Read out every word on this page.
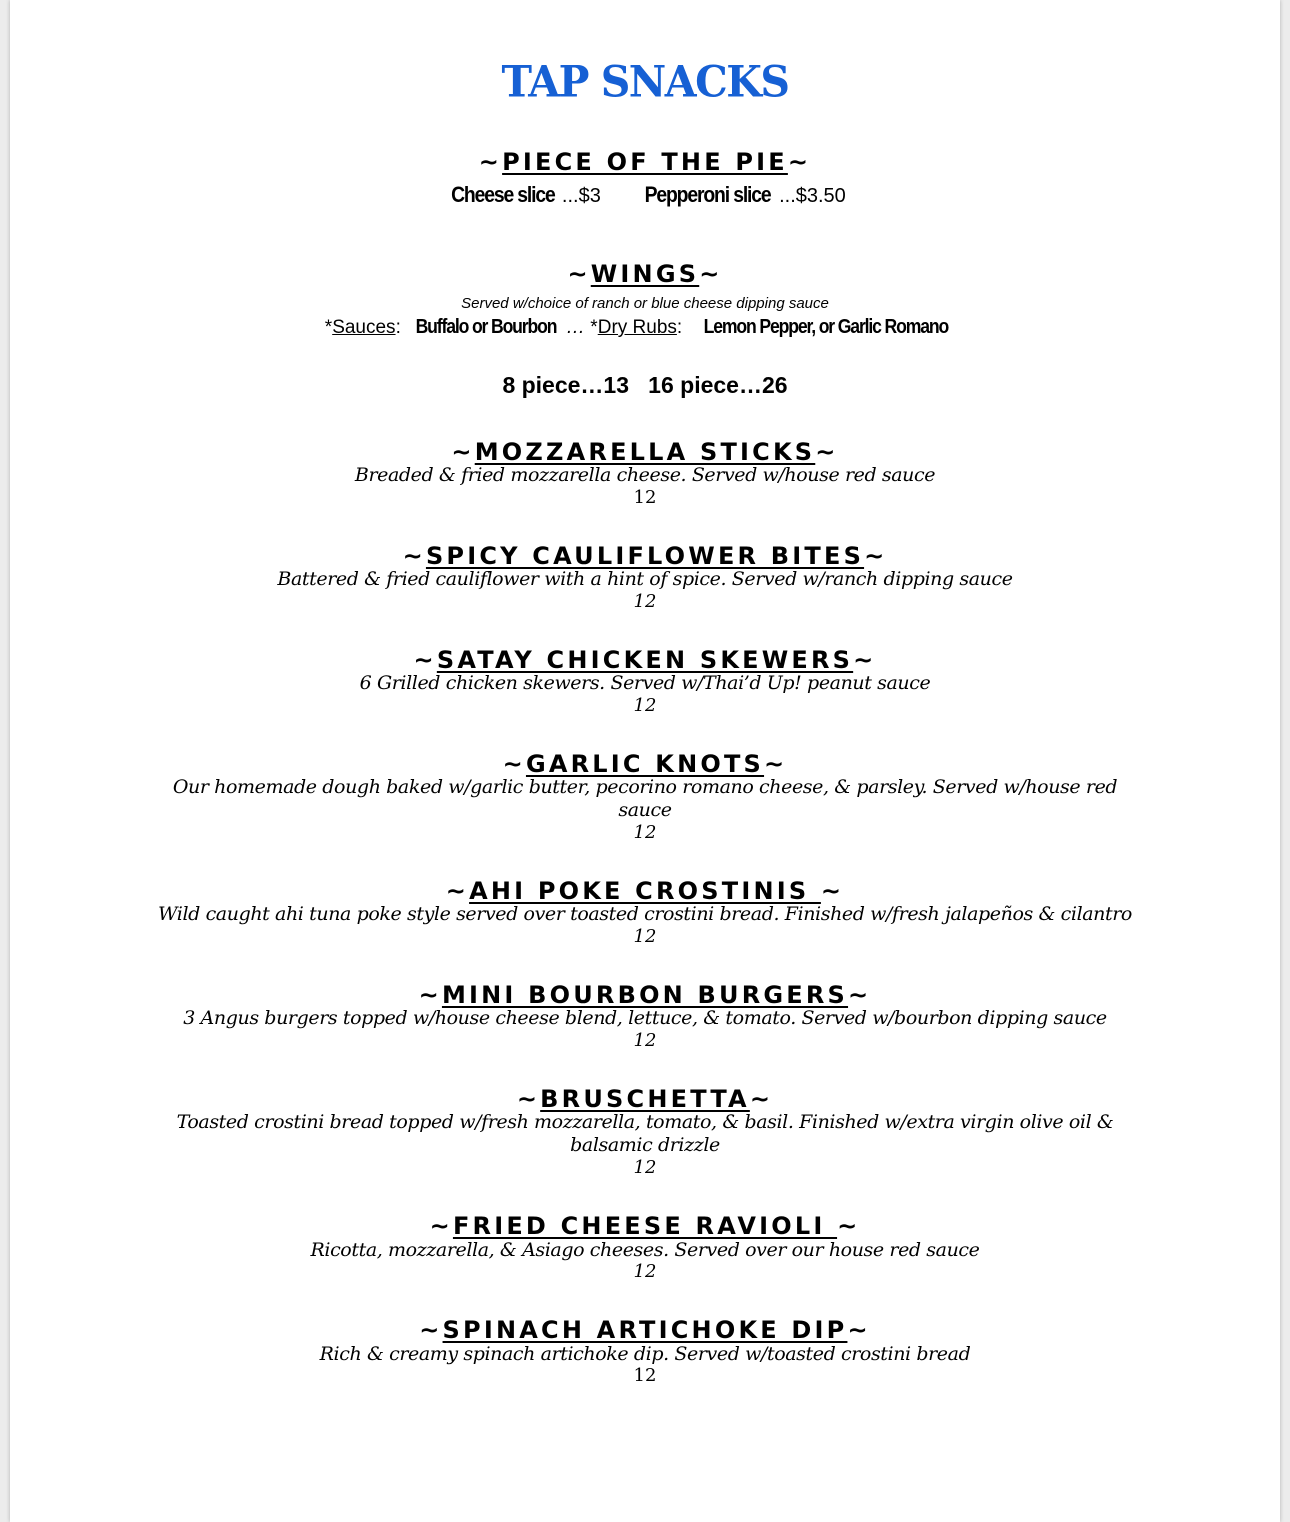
TAP SNACKS
~PIECE OF THE PIE~
Cheese slice ...$3 Pepperoni slice ...$3.50
~WINGS~
Served w/choice of ranch or blue cheese dipping sauce
*Sauces: Buffalo or Bourbon … *Dry Rubs: Lemon Pepper, or Garlic Romano
8 piece…13   16 piece…26
~MOZZARELLA STICKS~
Breaded & fried mozzarella cheese. Served w/house red sauce
12
~SPICY CAULIFLOWER BITES~
Battered & fried cauliflower with a hint of spice. Served w/ranch dipping sauce
12
~SATAY CHICKEN SKEWERS~
6 Grilled chicken skewers. Served w/Thai’d Up! peanut sauce
12
~GARLIC KNOTS~
Our homemade dough baked w/garlic butter, pecorino romano cheese, & parsley. Served w/house red sauce
12
~AHI POKE CROSTINIS ~
Wild caught ahi tuna poke style served over toasted crostini bread. Finished w/fresh jalapeños & cilantro
12
~MINI BOURBON BURGERS~
3 Angus burgers topped w/house cheese blend, lettuce, & tomato. Served w/bourbon dipping sauce
12
~BRUSCHETTA~
Toasted crostini bread topped w/fresh mozzarella, tomato, & basil. Finished w/extra virgin olive oil & balsamic drizzle
12
~FRIED CHEESE RAVIOLI ~
Ricotta, mozzarella, & Asiago cheeses. Served over our house red sauce
12
~SPINACH ARTICHOKE DIP~
Rich & creamy spinach artichoke dip. Served w/toasted crostini bread
12
